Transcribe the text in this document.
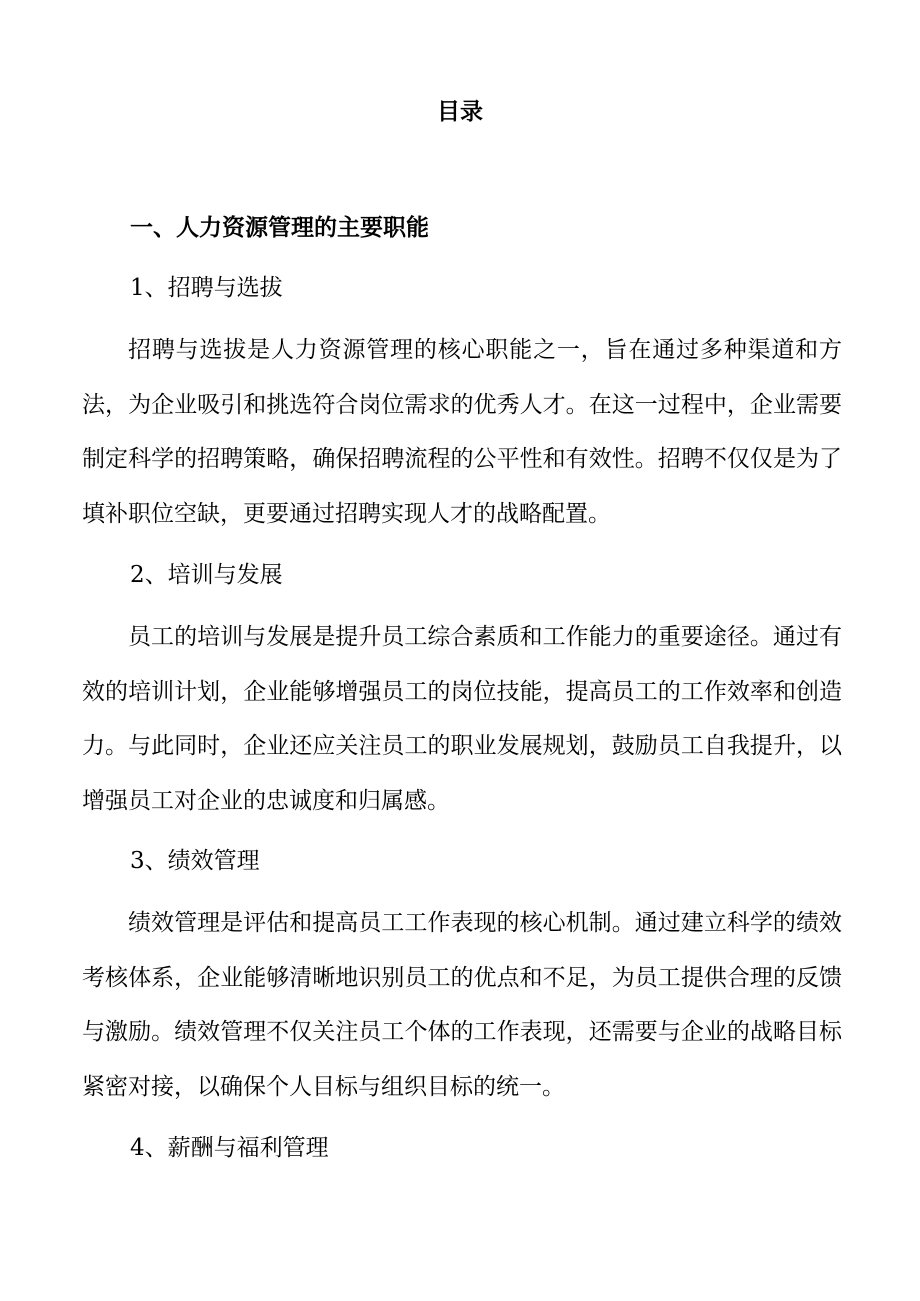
目录
一、人力资源管理的主要职能
1、招聘与选拔

招聘与选拔是人力资源管理的核心职能之一，旨在通过多种渠道和方法，为企业吸引和挑选符合岗位需求的优秀人才。在这一过程中，企业需要制定科学的招聘策略，确保招聘流程的公平性和有效性。招聘不仅仅是为了填补职位空缺，更要通过招聘实现人才的战略配置。

2、培训与发展

员工的培训与发展是提升员工综合素质和工作能力的重要途径。通过有效的培训计划，企业能够增强员工的岗位技能，提高员工的工作效率和创造力。与此同时，企业还应关注员工的职业发展规划，鼓励员工自我提升，以增强员工对企业的忠诚度和归属感。

3、绩效管理

绩效管理是评估和提高员工工作表现的核心机制。通过建立科学的绩效考核体系，企业能够清晰地识别员工的优点和不足，为员工提供合理的反馈与激励。绩效管理不仅关注员工个体的工作表现，还需要与企业的战略目标紧密对接，以确保个人目标与组织目标的统一。

4、薪酬与福利管理
